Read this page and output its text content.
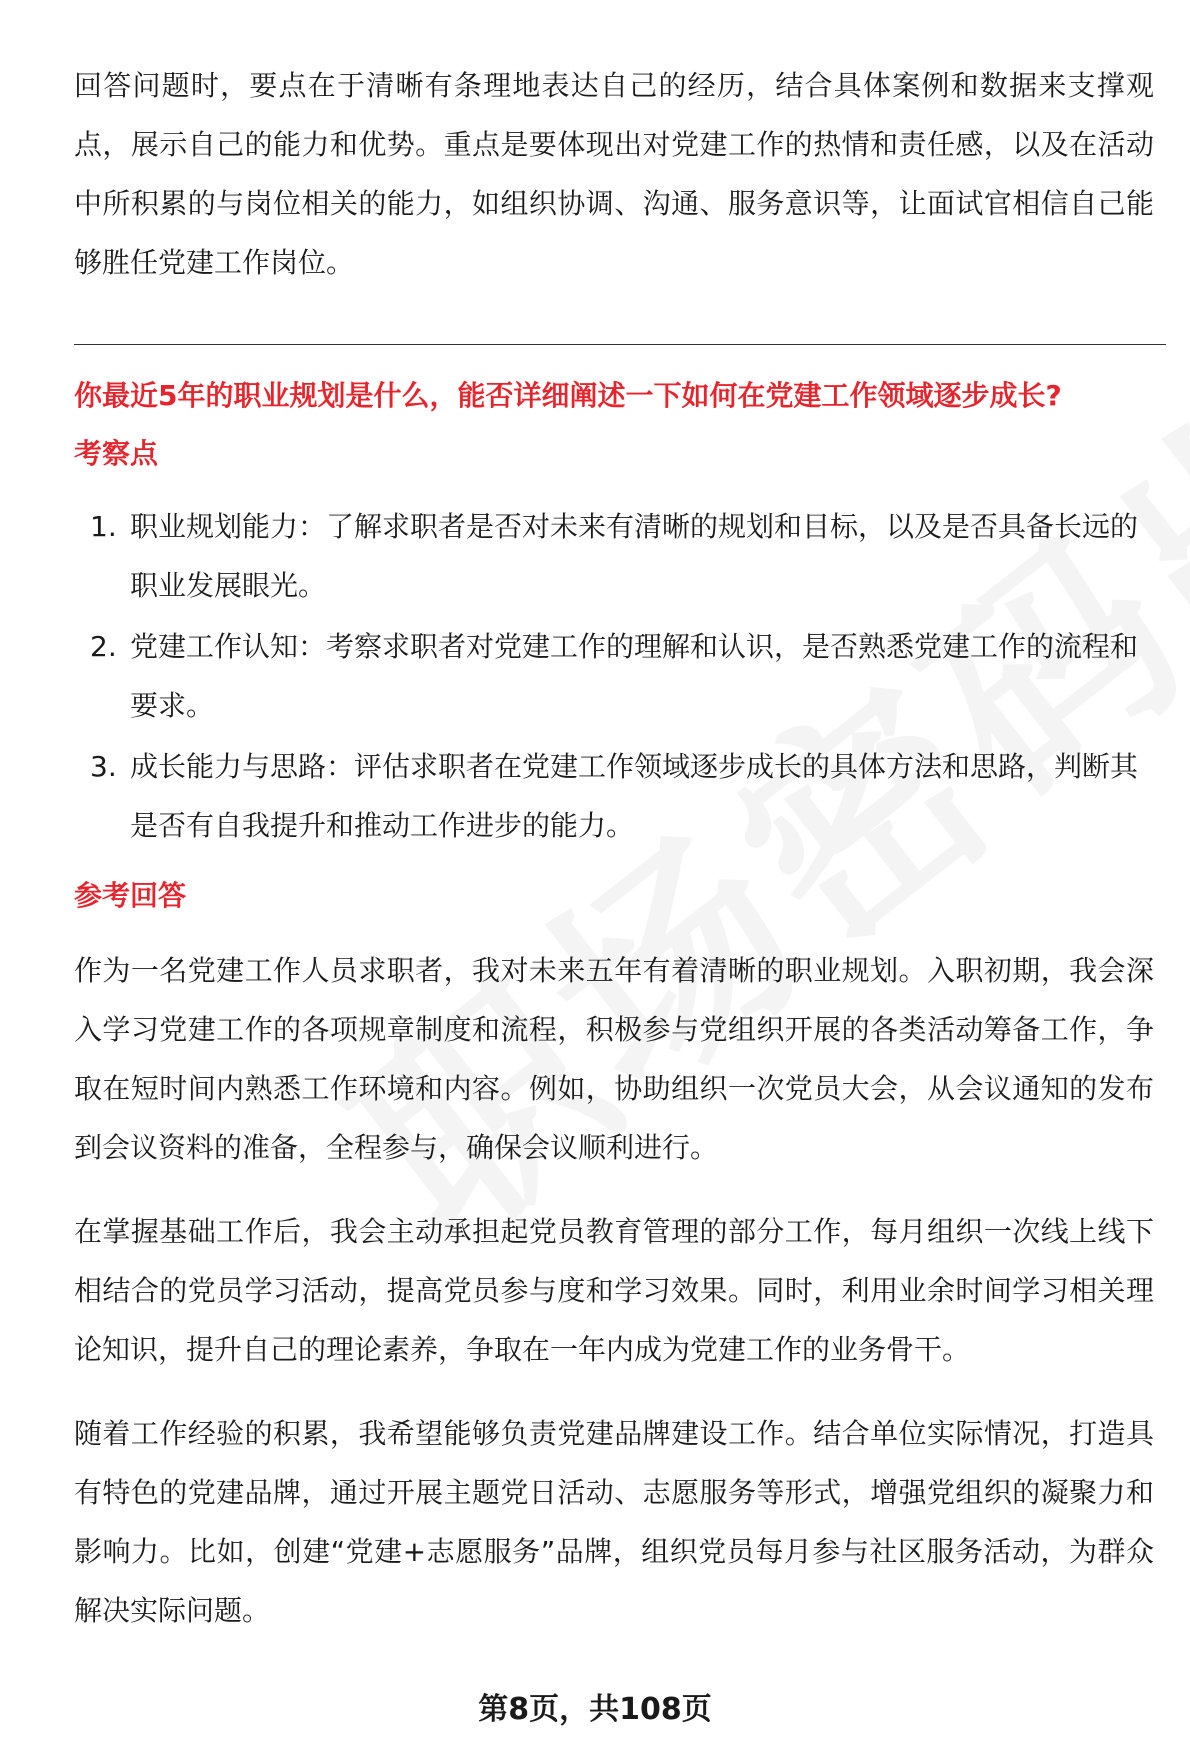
回答问题时，要点在于清晰有条理地表达自己的经历，结合具体案例和数据来支撑观点，展示自己的能力和优势。重点是要体现出对党建工作的热情和责任感，以及在活动中所积累的与岗位相关的能力，如组织协调、沟通、服务意识等，让面试官相信自己能够胜任党建工作岗位。

你最近5年的职业规划是什么，能否详细阐述一下如何在党建工作领域逐步成长?
考察点
1. 职业规划能力：了解求职者是否对未来有清晰的规划和目标，以及是否具备长远的职业发展眼光。
2. 党建工作认知：考察求职者对党建工作的理解和认识，是否熟悉党建工作的流程和要求。
3. 成长能力与思路：评估求职者在党建工作领域逐步成长的具体方法和思路，判断其是否有自我提升和推动工作进步的能力。
参考回答

作为一名党建工作人员求职者，我对未来五年有着清晰的职业规划。入职初期，我会深入学习党建工作的各项规章制度和流程，积极参与党组织开展的各类活动筹备工作，争取在短时间内熟悉工作环境和内容。例如，协助组织一次党员大会，从会议通知的发布到会议资料的准备，全程参与，确保会议顺利进行。

在掌握基础工作后，我会主动承担起党员教育管理的部分工作，每月组织一次线上线下相结合的党员学习活动，提高党员参与度和学习效果。同时，利用业余时间学习相关理论知识，提升自己的理论素养，争取在一年内成为党建工作的业务骨干。

随着工作经验的积累，我希望能够负责党建品牌建设工作。结合单位实际情况，打造具有特色的党建品牌，通过开展主题党日活动、志愿服务等形式，增强党组织的凝聚力和影响力。比如，创建“党建+志愿服务”品牌，组织党员每月参与社区服务活动，为群众解决实际问题。

第8页，共108页
